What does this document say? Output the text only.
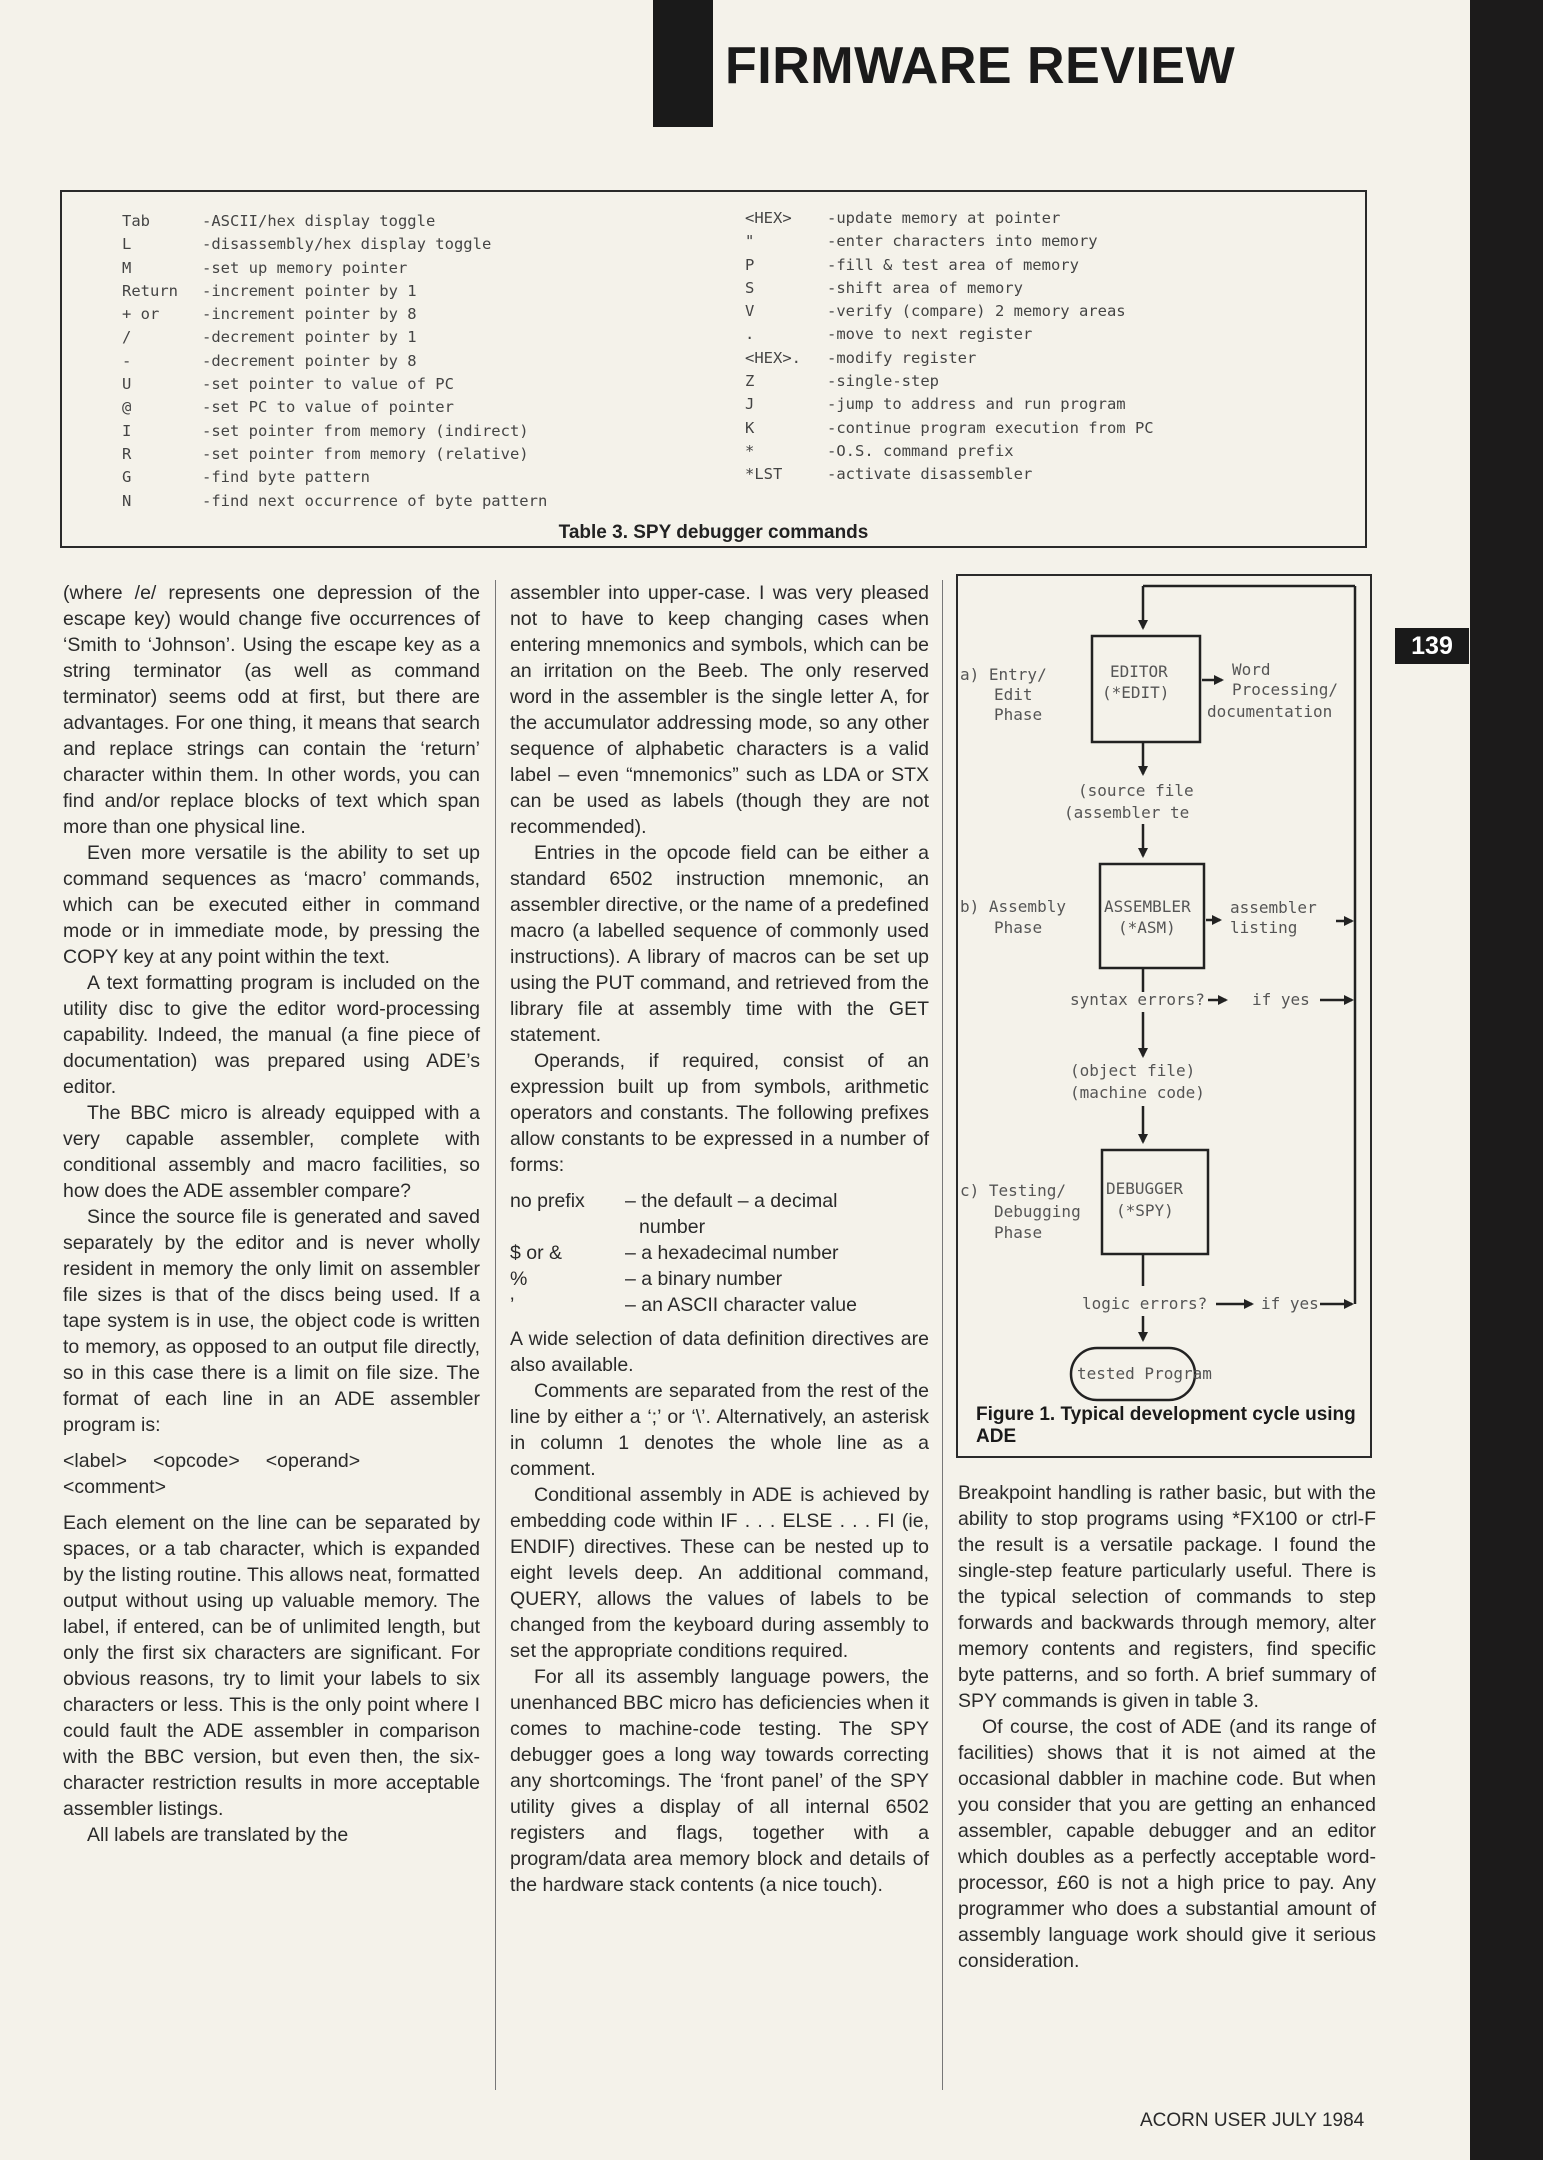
FIRMWARE REVIEW
139
Tab	-ASCII/hex display toggle
L	-disassembly/hex display toggle
M	-set up memory pointer
Return	-increment pointer by 1
+ or	-increment pointer by 8
/	-decrement pointer by 1
-	-decrement pointer by 8
U	-set pointer to value of PC
@	-set PC to value of pointer
I	-set pointer from memory (indirect)
R	-set pointer from memory (relative)
G	-find byte pattern
N	-find next occurrence of byte pattern
<HEX>	-update memory at pointer
"	-enter characters into memory
P	-fill & test area of memory
S	-shift area of memory
V	-verify (compare) 2 memory areas
.	-move to next register
<HEX>.	-modify register
Z	-single-step
J	-jump to address and run program
K	-continue program execution from PC
*	-O.S. command prefix
*LST	-activate disassembler
Table 3. SPY debugger commands

(where /e/ represents one depression of the escape key) would change five occurrences of ‘Smith to ‘Johnson’. Using the escape key as a string terminator (as well as command terminator) seems odd at first, but there are advantages. For one thing, it means that search and replace strings can contain the ‘return’ character within them. In other words, you can find and/or replace blocks of text which span more than one physical line.

Even more versatile is the ability to set up command sequences as ‘macro’ commands, which can be executed either in command mode or in immediate mode, by pressing the COPY key at any point within the text.

A text formatting program is included on the utility disc to give the editor word-processing capability. Indeed, the manual (a fine piece of documentation) was prepared using ADE’s editor.

The BBC micro is already equipped with a very capable assembler, complete with conditional assembly and macro facilities, so how does the ADE assembler compare?

Since the source file is generated and saved separately by the editor and is never wholly resident in memory the only limit on assembler file sizes is that of the discs being used. If a tape system is in use, the object code is written to memory, as opposed to an output file directly, so in this case there is a limit on file size. The format of each line in an ADE assembler program is:

<label> <opcode> <operand>
<comment>

Each element on the line can be separated by spaces, or a tab character, which is expanded by the listing routine. This allows neat, formatted output without using up valuable memory. The label, if entered, can be of unlimited length, but only the first six characters are significant. For obvious reasons, try to limit your labels to six characters or less. This is the only point where I could fault the ADE assembler in comparison with the BBC version, but even then, the six-character restriction results in more acceptable assembler listings.

All labels are translated by the

assembler into upper-case. I was very pleased not to have to keep changing cases when entering mnemonics and symbols, which can be an irritation on the Beeb. The only reserved word in the assembler is the single letter A, for the accumulator addressing mode, so any other sequence of alphabetic characters is a valid label – even “mnemonics” such as LDA or STX can be used as labels (though they are not recommended).

Entries in the opcode field can be either a standard 6502 instruction mnemonic, an assembler directive, or the name of a predefined macro (a labelled sequence of commonly used instructions). A library of macros can be set up using the PUT command, and retrieved from the library file at assembly time with the GET statement.

Operands, if required, consist of an expression built up from symbols, arithmetic operators and constants. The following prefixes allow constants to be expressed in a number of forms:

no prefix	– the default – a decimal
number
$ or &	– a hexadecimal number
%	– a binary number
’	– an ASCII character value

A wide selection of data definition directives are also available.

Comments are separated from the rest of the line by either a ‘;’ or ‘\’. Alternatively, an asterisk in column 1 denotes the whole line as a comment.

Conditional assembly in ADE is achieved by embedding code within IF . . . ELSE . . . FI (ie, ENDIF) directives. These can be nested up to eight levels deep. An additional command, QUERY, allows the values of labels to be changed from the keyboard during assembly to set the appropriate conditions required.

For all its assembly language powers, the unenhanced BBC micro has deficiencies when it comes to machine-code testing. The SPY debugger goes a long way towards correcting any shortcomings. The ‘front panel’ of the SPY utility gives a display of all internal 6502 registers and flags, together with a program/data area memory block and details of the hardware stack contents (a nice touch).

a) Entry/
Edit
Phase
EDITOR
(*EDIT)
Word
Processing/
documentation
(source file
(assembler te
b) Assembly
Phase
ASSEMBLER
(*ASM)
assembler
listing
syntax errors?	if yes
(object file)
(machine code)
c) Testing/
Debugging
Phase
DEBUGGER
(*SPY)
logic errors?	if yes
tested Program
Figure 1. Typical development cycle using ADE

Breakpoint handling is rather basic, but with the ability to stop programs using *FX100 or ctrl-F the result is a versatile package. I found the single-step feature particularly useful. There is the typical selection of commands to step forwards and backwards through memory, alter memory contents and registers, find specific byte patterns, and so forth. A brief summary of SPY commands is given in table 3.

Of course, the cost of ADE (and its range of facilities) shows that it is not aimed at the occasional dabbler in machine code. But when you consider that you are getting an enhanced assembler, capable debugger and an editor which doubles as a perfectly acceptable word-processor, £60 is not a high price to pay. Any programmer who does a substantial amount of assembly language work should give it serious consideration.

ACORN USER JULY 1984
